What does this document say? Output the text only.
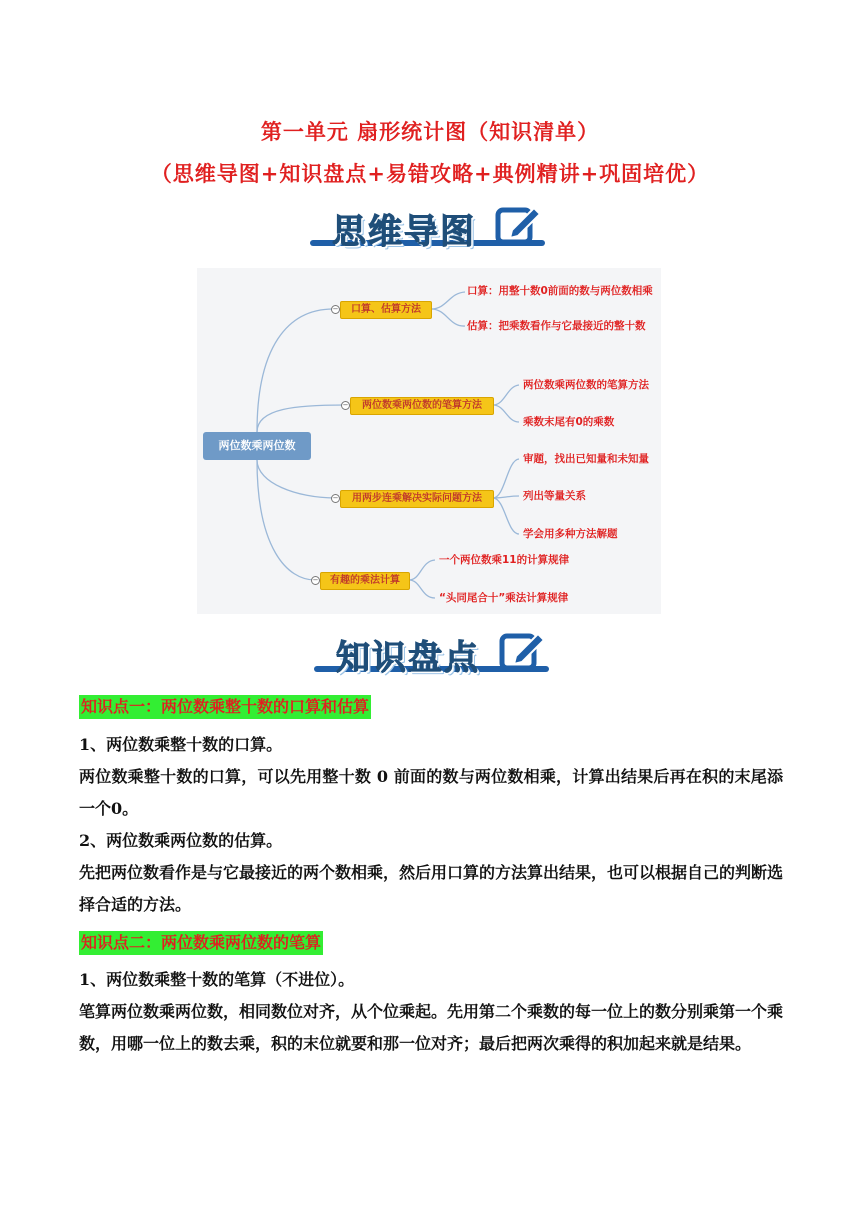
第一单元 扇形统计图（知识清单）
（思维导图+知识盘点+易错攻略+典例精讲+巩固培优）
思维导图
两位数乘两位数
−	口算、估算方法
口算：用整十数0前面的数与两位数相乘
估算：把乘数看作与它最接近的整十数
−	两位数乘两位数的笔算方法
两位数乘两位数的笔算方法
乘数末尾有0的乘数
−	用两步连乘解决实际问题方法
审题，找出已知量和未知量
列出等量关系
学会用多种方法解题
−	有趣的乘法计算
一个两位数乘11的计算规律
“头同尾合十”乘法计算规律
知识盘点
知识点一：两位数乘整十数的口算和估算
1、两位数乘整十数的口算。
两位数乘整十数的口算，可以先用整十数 0 前面的数与两位数相乘，计算出结果后再在积的末尾添一个0。
2、两位数乘两位数的估算。
先把两位数看作是与它最接近的两个数相乘，然后用口算的方法算出结果，也可以根据自己的判断选择合适的方法。
知识点二：两位数乘两位数的笔算
1、两位数乘整十数的笔算（不进位）。
笔算两位数乘两位数，相同数位对齐，从个位乘起。先用第二个乘数的每一位上的数分别乘第一个乘数，用哪一位上的数去乘，积的末位就要和那一位对齐；最后把两次乘得的积加起来就是结果。
